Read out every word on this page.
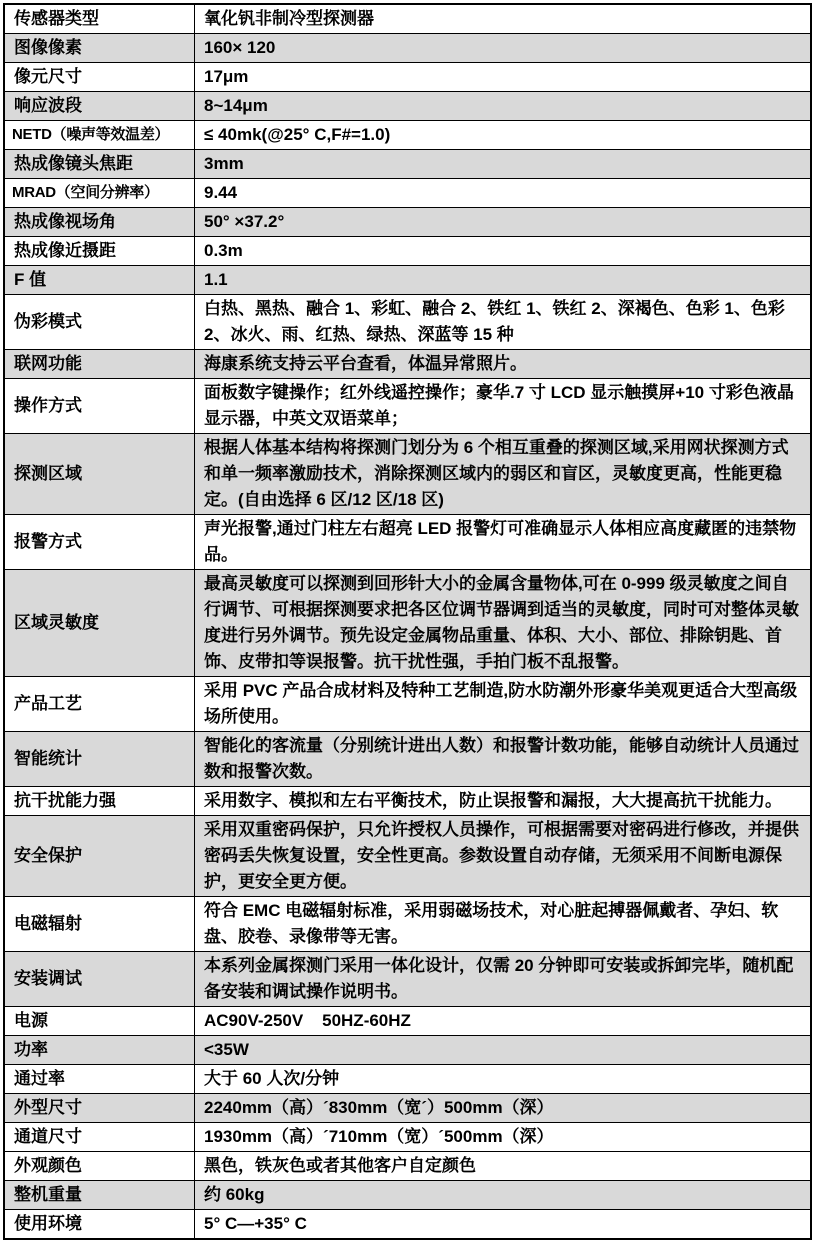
传感器类型	氧化钒非制冷型探测器
图像像素	160× 120
像元尺寸	17μm
响应波段	8~14μm
NETD（噪声等效温差）	≤ 40mk(@25° C,F#=1.0)
热成像镜头焦距	3mm
MRAD（空间分辨率）	9.44
热成像视场角	50° ×37.2°
热成像近摄距	0.3m
F 值	1.1
伪彩模式	白热、黑热、融合 1、彩虹、融合 2、铁红 1、铁红 2、深褐色、色彩 1、色彩 2、冰火、雨、红热、绿热、深蓝等 15 种
联网功能	海康系统支持云平台查看，体温异常照片。
操作方式	面板数字键操作；红外线遥控操作；豪华.7 寸 LCD 显示触摸屏+10 寸彩色液晶显示器，中英文双语菜单；
探测区域	根据人体基本结构将探测门划分为 6 个相互重叠的探测区域,采用网状探测方式和单一频率激励技术，消除探测区域内的弱区和盲区，灵敏度更高，性能更稳定。(自由选择 6 区/12 区/18 区)
报警方式	声光报警,通过门柱左右超亮 LED 报警灯可准确显示人体相应高度藏匿的违禁物品。
区域灵敏度	最高灵敏度可以探测到回形针大小的金属含量物体,可在 0-999 级灵敏度之间自行调节、可根据探测要求把各区位调节器调到适当的灵敏度，同时可对整体灵敏度进行另外调节。预先设定金属物品重量、体积、大小、部位、排除钥匙、首饰、皮带扣等误报警。抗干扰性强，手拍门板不乱报警。
产品工艺	采用 PVC 产品合成材料及特种工艺制造,防水防潮外形豪华美观更适合大型高级场所使用。
智能统计	智能化的客流量（分别统计进出人数）和报警计数功能，能够自动统计人员通过数和报警次数。
抗干扰能力强	采用数字、模拟和左右平衡技术，防止误报警和漏报，大大提高抗干扰能力。
安全保护	采用双重密码保护，只允许授权人员操作，可根据需要对密码进行修改，并提供密码丢失恢复设置，安全性更高。参数设置自动存储，无须采用不间断电源保护，更安全更方便。
电磁辐射	符合 EMC 电磁辐射标准，采用弱磁场技术，对心脏起搏器佩戴者、孕妇、软盘、胶卷、录像带等无害。
安装调试	本系列金属探测门采用一体化设计，仅需 20 分钟即可安装或拆卸完毕，随机配备安装和调试操作说明书。
电源	AC90V-250V    50HZ-60HZ
功率	<35W
通过率	大于 60 人次/分钟
外型尺寸	2240mm（高）´830mm（宽´）500mm（深）
通道尺寸	1930mm（高）´710mm（宽）´500mm（深）
外观颜色	黑色，铁灰色或者其他客户自定颜色
整机重量	约 60kg
使用环境	5° C—+35° C
